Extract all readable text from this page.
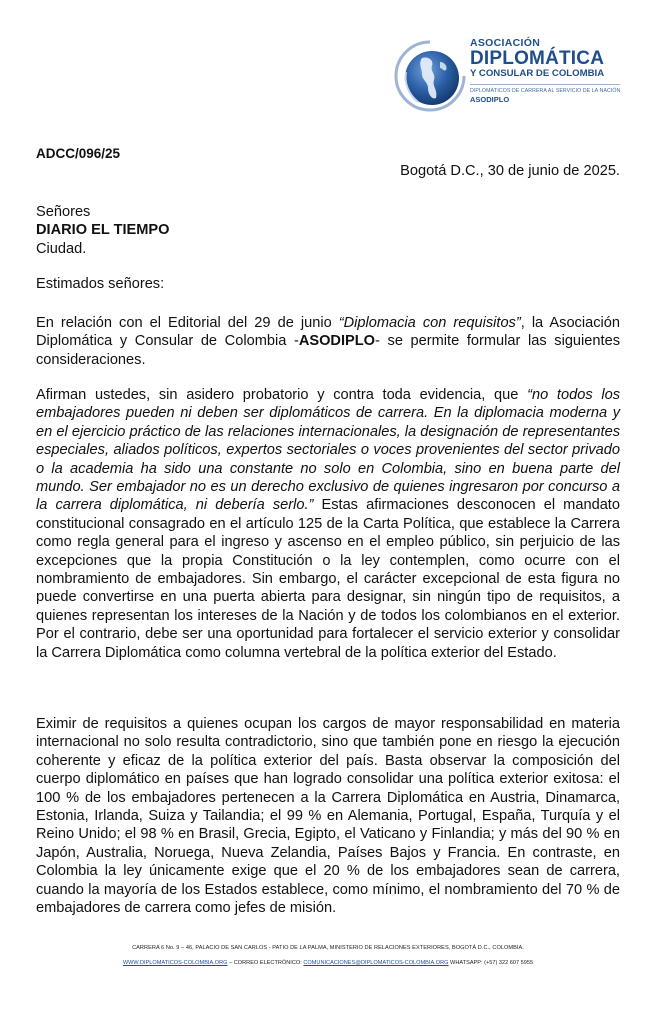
ASOCIACIÓN
DIPLOMÁTICA
Y CONSULAR DE COLOMBIA
DIPLOMÁTICOS DE CARRERA AL SERVICIO DE LA NACIÓN
ASODIPLO
ADCC/096/25
Bogotá D.C., 30 de junio de 2025.
Señores
DIARIO EL TIEMPO
Ciudad.
Estimados señores:
En relación con el Editorial del 29 de junio “Diplomacia con requisitos”, la Asociación Diplomática y Consular de Colombia -ASODIPLO- se permite formular las siguientes consideraciones.
Afirman ustedes, sin asidero probatorio y contra toda evidencia, que “no todos los embajadores pueden ni deben ser diplomáticos de carrera. En la diplomacia moderna y en el ejercicio práctico de las relaciones internacionales, la designación de representantes especiales, aliados políticos, expertos sectoriales o voces provenientes del sector privado o la academia ha sido una constante no solo en Colombia, sino en buena parte del mundo. Ser embajador no es un derecho exclusivo de quienes ingresaron por concurso a la carrera diplomática, ni debería serlo.” Estas afirmaciones desconocen el mandato constitucional consagrado en el artículo 125 de la Carta Política, que establece la Carrera como regla general para el ingreso y ascenso en el empleo público, sin perjuicio de las excepciones que la propia Constitución o la ley contemplen, como ocurre con el nombramiento de embajadores. Sin embargo, el carácter excepcional de esta figura no puede convertirse en una puerta abierta para designar, sin ningún tipo de requisitos, a quienes representan los intereses de la Nación y de todos los colombianos en el exterior. Por el contrario, debe ser una oportunidad para fortalecer el servicio exterior y consolidar la Carrera Diplomática como columna vertebral de la política exterior del Estado.
Eximir de requisitos a quienes ocupan los cargos de mayor responsabilidad en materia internacional no solo resulta contradictorio, sino que también pone en riesgo la ejecución coherente y eficaz de la política exterior del país. Basta observar la composición del cuerpo diplomático en países que han logrado consolidar una política exterior exitosa: el 100 % de los embajadores pertenecen a la Carrera Diplomática en Austria, Dinamarca, Estonia, Irlanda, Suiza y Tailandia; el 99 % en Alemania, Portugal, España, Turquía y el Reino Unido; el 98 % en Brasil, Grecia, Egipto, el Vaticano y Finlandia; y más del 90 % en Japón, Australia, Noruega, Nueva Zelandia, Países Bajos y Francia. En contraste, en Colombia la ley únicamente exige que el 20 % de los embajadores sean de carrera, cuando la mayoría de los Estados establece, como mínimo, el nombramiento del 70 % de embajadores de carrera como jefes de misión.
CARRERA 6 No. 9 – 46, PALACIO DE SAN CARLOS - PATIO DE LA PALMA, MINISTERIO DE RELACIONES EXTERIORES, BOGOTÁ D.C., COLOMBIA.
WWW.DIPLOMATICOS-COLOMBIA.ORG – CORREO ELECTRÓNICO: COMUNICACIONES@DIPLOMATICOS-COLOMBIA.ORG WHATSAPP: (+57) 322 607 5955
